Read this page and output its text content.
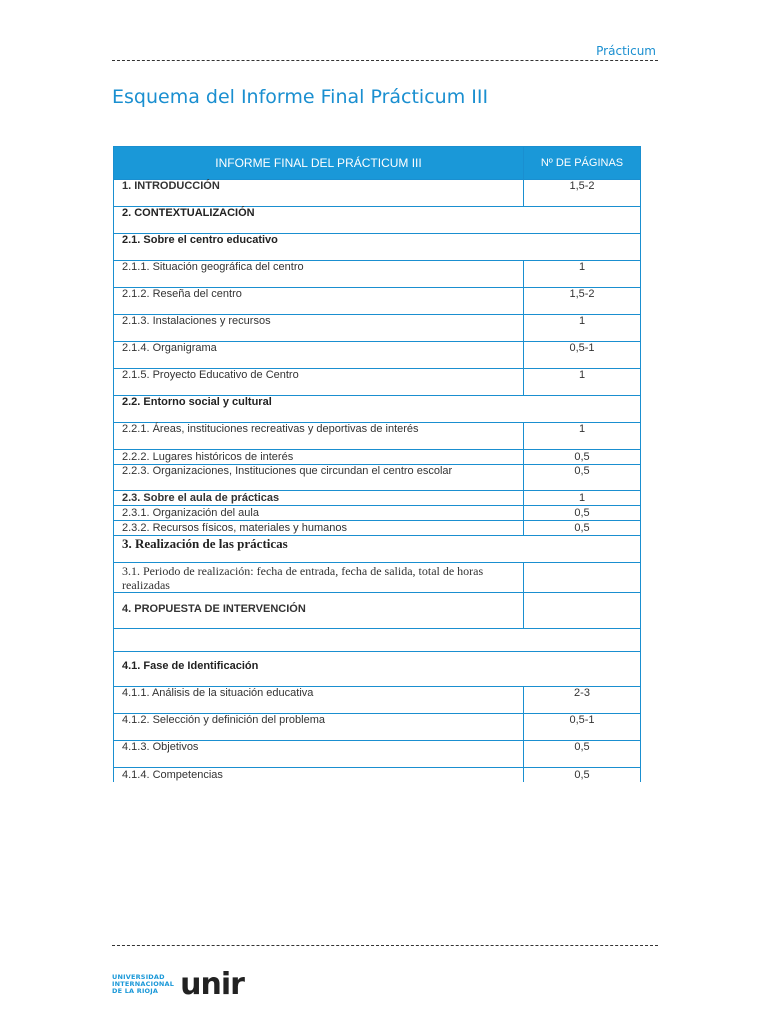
Prácticum
Esquema del Informe Final Prácticum III
INFORME FINAL DEL PRÁCTICUM III	Nº DE PÁGINAS
1. INTRODUCCIÓN	1,5-2
2. CONTEXTUALIZACIÓN	
2.1. Sobre el centro educativo	
2.1.1. Situación geográfica del centro	1
2.1.2. Reseña del centro	1,5-2
2.1.3. Instalaciones y recursos	1
2.1.4. Organigrama	0,5-1
2.1.5. Proyecto Educativo de Centro	1
2.2. Entorno social y cultural	
2.2.1. Áreas, instituciones recreativas y deportivas de interés	1
2.2.2. Lugares históricos de interés	0,5
2.2.3. Organizaciones, Instituciones que circundan el centro escolar	0,5
2.3. Sobre el aula de prácticas	1
2.3.1. Organización del aula	0,5
2.3.2. Recursos físicos, materiales y humanos	0,5
3. Realización de las prácticas	
3.1. Periodo de realización: fecha de entrada, fecha de salida, total de horas realizadas	
4. PROPUESTA DE INTERVENCIÓN	

4.1. Fase de Identificación	
4.1.1. Análisis de la situación educativa	2-3
4.1.2. Selección y definición del problema	0,5-1
4.1.3. Objetivos	0,5
4.1.4. Competencias	0,5
UNIVERSIDAD
INTERNACIONAL
DE LA RIOJA unir
